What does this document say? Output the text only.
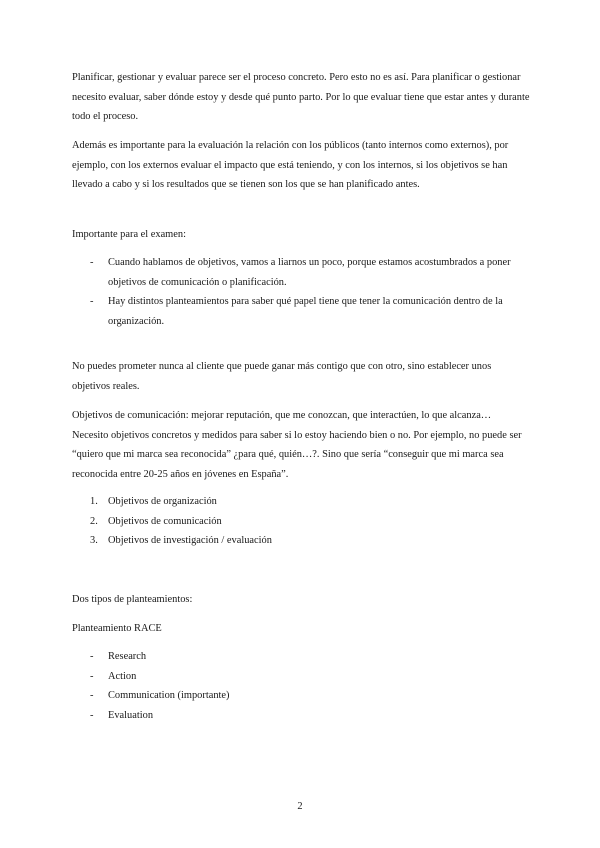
Planificar, gestionar y evaluar parece ser el proceso concreto. Pero esto no es así. Para planificar o gestionar necesito evaluar, saber dónde estoy y desde qué punto parto. Por lo que evaluar tiene que estar antes y durante todo el proceso.

Además es importante para la evaluación la relación con los públicos (tanto internos como externos), por ejemplo, con los externos evaluar el impacto que está teniendo, y con los internos, si los objetivos se han llevado a cabo y si los resultados que se tienen son los que se han planificado antes.

Importante para el examen:
- Cuando hablamos de objetivos, vamos a liarnos un poco, porque estamos acostumbrados a poner objetivos de comunicación o planificación.
- Hay distintos planteamientos para saber qué papel tiene que tener la comunicación dentro de la organización.

No puedes prometer nunca al cliente que puede ganar más contigo que con otro, sino establecer unos objetivos reales.

Objetivos de comunicación: mejorar reputación, que me conozcan, que interactúen, lo que alcanza… Necesito objetivos concretos y medidos para saber si lo estoy haciendo bien o no. Por ejemplo, no puede ser “quiero que mi marca sea reconocida” ¿para qué, quién…?. Sino que sería “conseguir que mi marca sea reconocida entre 20-25 años en jóvenes en España”.

1. Objetivos de organización
2. Objetivos de comunicación
3. Objetivos de investigación / evaluación
Dos tipos de planteamientos:
Planteamiento RACE
- Research
- Action
- Communication (importante)
- Evaluation
2
